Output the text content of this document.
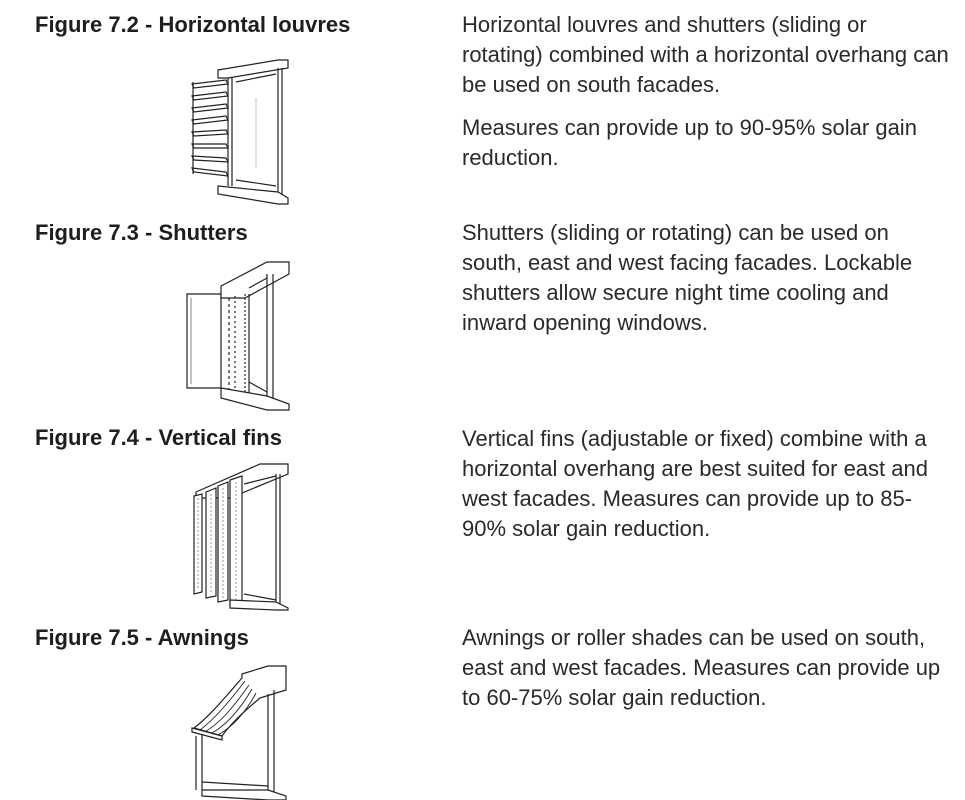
Figure 7.2 - Horizontal louvres	Horizontal louvres and shutters (sliding or rotating) combined with a horizontal overhang can be used on south facades.

Measures can provide up to 90-95% solar gain reduction.

Figure 7.3 - Shutters	Shutters (sliding or rotating) can be used on south, east and west facing facades. Lockable shutters allow secure night time cooling and inward opening windows.

Figure 7.4 - Vertical fins	Vertical fins (adjustable or fixed) combine with a horizontal overhang are best suited for east and west facades. Measures can provide up to 85-90% solar gain reduction.

Figure 7.5 - Awnings	Awnings or roller shades can be used on south, east and west facades. Measures can provide up to 60-75% solar gain reduction.
